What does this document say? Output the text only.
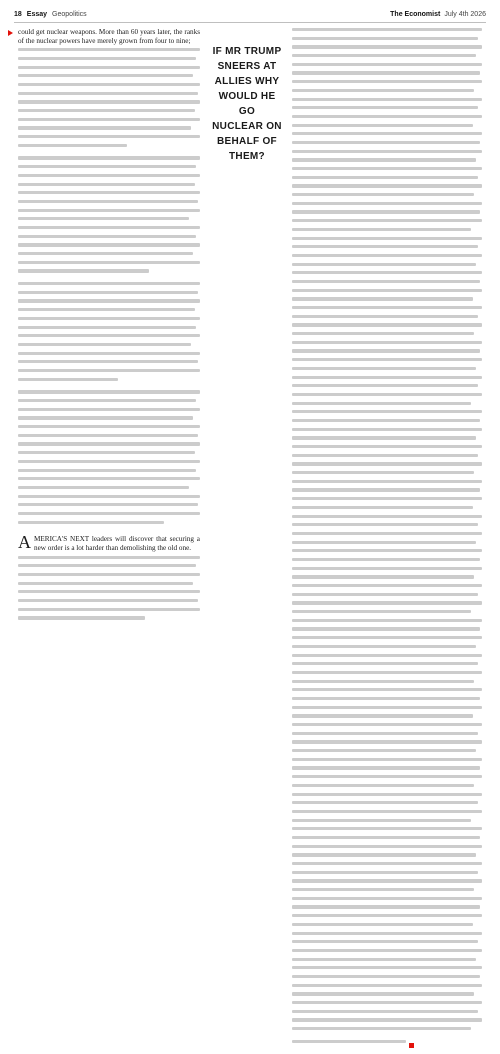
18 Essay Geopolitics	The Economist July 4th 2026

could get nuclear weapons. More than 60 years later, the ranks of the nuclear powers have merely grown from four to nine;

A MERICA'S NEXT leaders will discover that securing a new order is a lot harder than demolishing the old one.

IF MR TRUMP SNEERS AT ALLIES WHY WOULD HE GO NUCLEAR ON BEHALF OF THEM?
